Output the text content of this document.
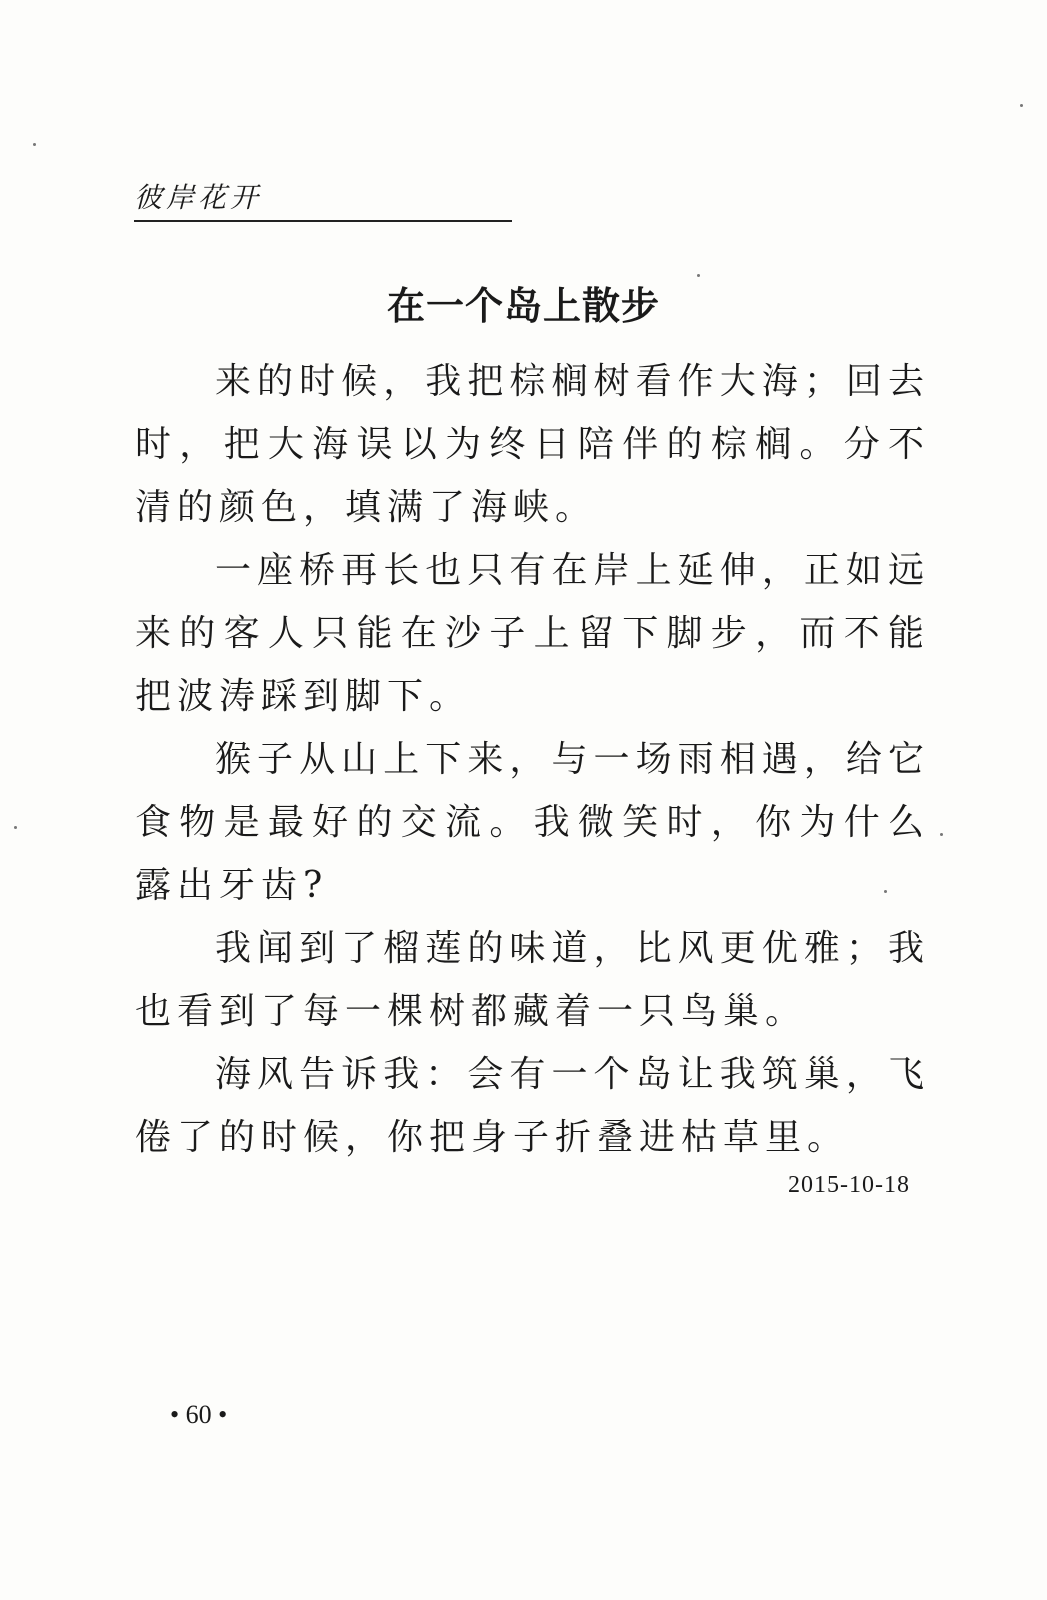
彼岸花开
在一个岛上散步

来的时候，我把棕榈树看作大海；回去时，把大海误以为终日陪伴的棕榈。分不清的颜色，填满了海峡。

一座桥再长也只有在岸上延伸，正如远来的客人只能在沙子上留下脚步，而不能把波涛踩到脚下。

猴子从山上下来，与一场雨相遇，给它食物是最好的交流。我微笑时，你为什么露出牙齿?

我闻到了榴莲的味道，比风更优雅；我也看到了每一棵树都藏着一只鸟巢。

海风告诉我：会有一个岛让我筑巢，飞倦了的时候，你把身子折叠进枯草里。

2015-10-18
• 60 •
